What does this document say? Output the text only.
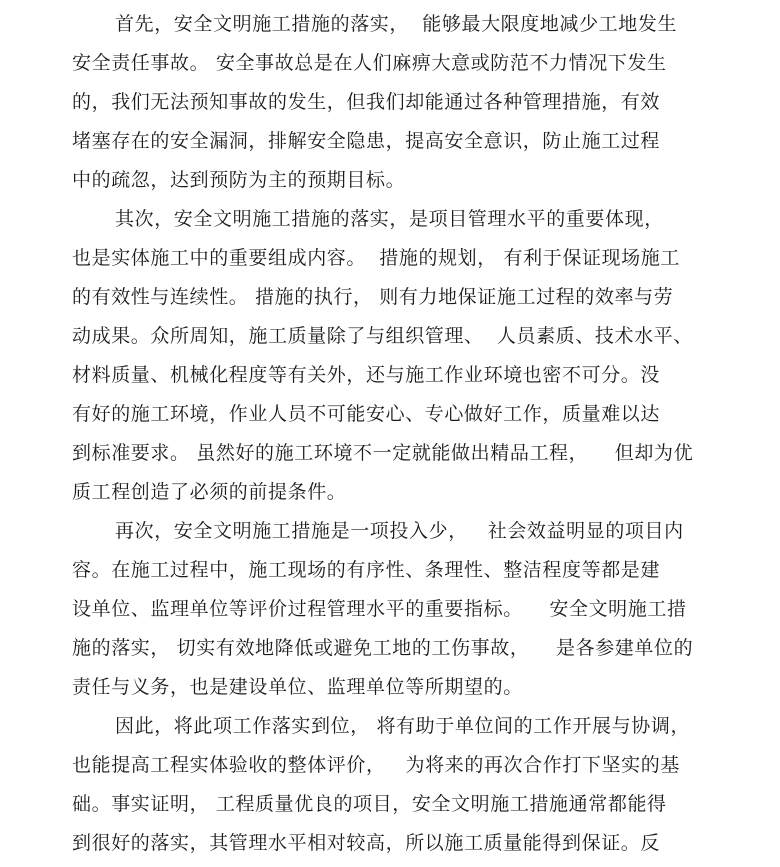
首先，安全文明施工措施的落实，  能够最大限度地减少工地发生
安全责任事故。 安全事故总是在人们麻痹大意或防范不力情况下发生
的，我们无法预知事故的发生，但我们却能通过各种管理措施，有效
堵塞存在的安全漏洞，排解安全隐患，提高安全意识，防止施工过程
中的疏忽，达到预防为主的预期目标。
其次，安全文明施工措施的落实，是项目管理水平的重要体现，
也是实体施工中的重要组成内容。  措施的规划， 有利于保证现场施工
的有效性与连续性。 措施的执行， 则有力地保证施工过程的效率与劳
动成果。众所周知，施工质量除了与组织管理、  人员素质、技术水平、
材料质量、机械化程度等有关外，还与施工作业环境也密不可分。没
有好的施工环境，作业人员不可能安心、专心做好工作，质量难以达
到标准要求。 虽然好的施工环境不一定就能做出精品工程，    但却为优
质工程创造了必须的前提条件。
再次，安全文明施工措施是一项投入少，   社会效益明显的项目内
容。在施工过程中，施工现场的有序性、条理性、整洁程度等都是建
设单位、监理单位等评价过程管理水平的重要指标。    安全文明施工措
施的落实， 切实有效地降低或避免工地的工伤事故，    是各参建单位的
责任与义务，也是建设单位、监理单位等所期望的。
因此，将此项工作落实到位， 将有助于单位间的工作开展与协调，
也能提高工程实体验收的整体评价，   为将来的再次合作打下坚实的基
础。事实证明， 工程质量优良的项目，安全文明施工措施通常都能得
到很好的落实，其管理水平相对较高，所以施工质量能得到保证。反
